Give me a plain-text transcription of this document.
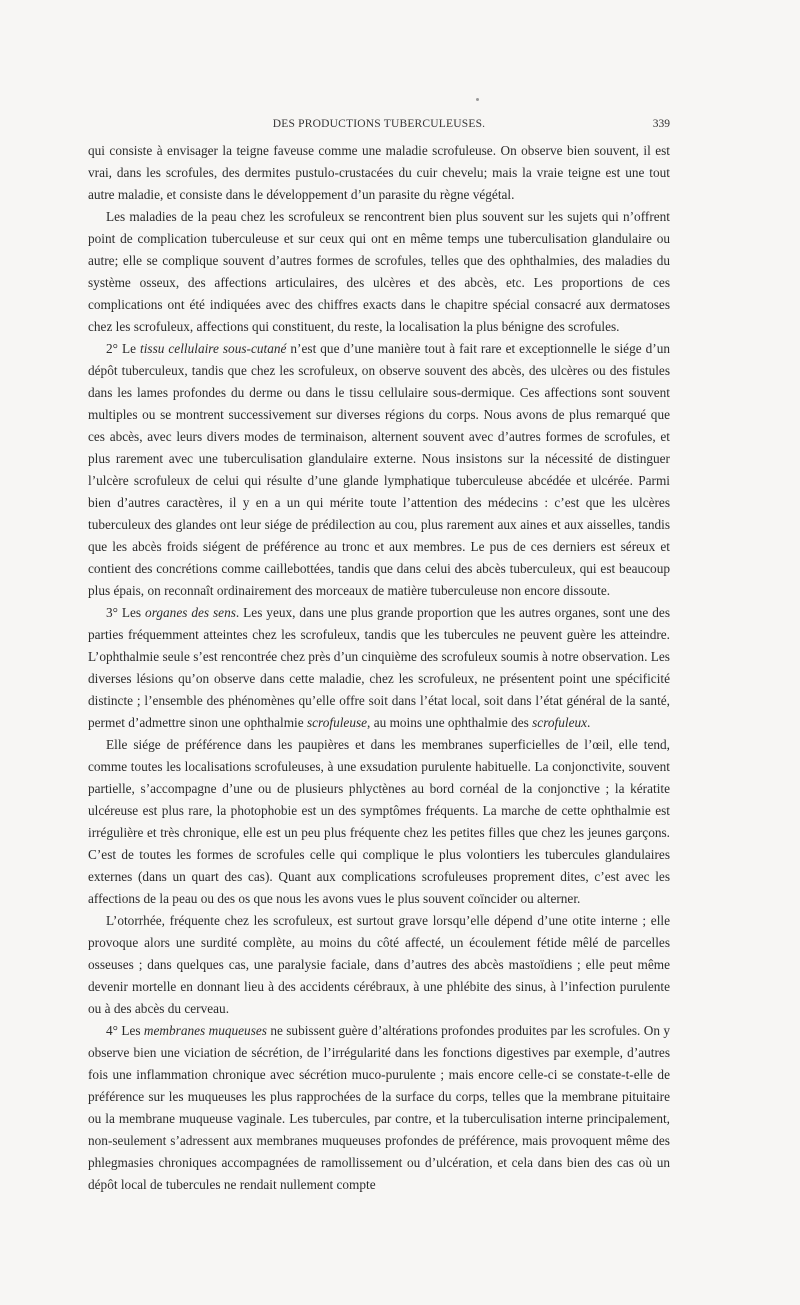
DES PRODUCTIONS TUBERCULEUSES.	339

qui consiste à envisager la teigne faveuse comme une maladie scrofuleuse. On observe bien souvent, il est vrai, dans les scrofules, des dermites pustulo-crustacées du cuir chevelu; mais la vraie teigne est une tout autre maladie, et consiste dans le développement d’un parasite du règne végétal.

Les maladies de la peau chez les scrofuleux se rencontrent bien plus souvent sur les sujets qui n’offrent point de complication tuberculeuse et sur ceux qui ont en même temps une tuberculisation glandulaire ou autre; elle se complique souvent d’autres formes de scrofules, telles que des ophthalmies, des maladies du système osseux, des affections articulaires, des ulcères et des abcès, etc. Les proportions de ces complications ont été indiquées avec des chiffres exacts dans le chapitre spécial consacré aux dermatoses chez les scrofuleux, affections qui constituent, du reste, la localisation la plus bénigne des scrofules.

2° Le tissu cellulaire sous-cutané n’est que d’une manière tout à fait rare et exceptionnelle le siége d’un dépôt tuberculeux, tandis que chez les scrofuleux, on observe souvent des abcès, des ulcères ou des fistules dans les lames profondes du derme ou dans le tissu cellulaire sous-dermique. Ces affections sont souvent multiples ou se montrent successivement sur diverses régions du corps. Nous avons de plus remarqué que ces abcès, avec leurs divers modes de terminaison, alternent souvent avec d’autres formes de scrofules, et plus rarement avec une tuberculisation glandulaire externe. Nous insistons sur la nécessité de distinguer l’ulcère scrofuleux de celui qui résulte d’une glande lymphatique tuberculeuse abcédée et ulcérée. Parmi bien d’autres caractères, il y en a un qui mérite toute l’attention des médecins : c’est que les ulcères tuberculeux des glandes ont leur siége de prédilection au cou, plus rarement aux aines et aux aisselles, tandis que les abcès froids siégent de préférence au tronc et aux membres. Le pus de ces derniers est séreux et contient des concrétions comme caillebottées, tandis que dans celui des abcès tuberculeux, qui est beaucoup plus épais, on reconnaît ordinairement des morceaux de matière tuberculeuse non encore dissoute.

3° Les organes des sens. Les yeux, dans une plus grande proportion que les autres organes, sont une des parties fréquemment atteintes chez les scrofuleux, tandis que les tubercules ne peuvent guère les atteindre. L’ophthalmie seule s’est rencontrée chez près d’un cinquième des scrofuleux soumis à notre observation. Les diverses lésions qu’on observe dans cette maladie, chez les scrofuleux, ne présentent point une spécificité distincte ; l’ensemble des phénomènes qu’elle offre soit dans l’état local, soit dans l’état général de la santé, permet d’admettre sinon une ophthalmie scrofuleuse, au moins une ophthalmie des scrofuleux.

Elle siége de préférence dans les paupières et dans les membranes superficielles de l’œil, elle tend, comme toutes les localisations scrofuleuses, à une exsudation purulente habituelle. La conjonctivite, souvent partielle, s’accompagne d’une ou de plusieurs phlyctènes au bord cornéal de la conjonctive ; la kératite ulcéreuse est plus rare, la photophobie est un des symptômes fréquents. La marche de cette ophthalmie est irrégulière et très chronique, elle est un peu plus fréquente chez les petites filles que chez les jeunes garçons. C’est de toutes les formes de scrofules celle qui complique le plus volontiers les tubercules glandulaires externes (dans un quart des cas). Quant aux complications scrofuleuses proprement dites, c’est avec les affections de la peau ou des os que nous les avons vues le plus souvent coïncider ou alterner.

L’otorrhée, fréquente chez les scrofuleux, est surtout grave lorsqu’elle dépend d’une otite interne ; elle provoque alors une surdité complète, au moins du côté affecté, un écoulement fétide mêlé de parcelles osseuses ; dans quelques cas, une paralysie faciale, dans d’autres des abcès mastoïdiens ; elle peut même devenir mortelle en donnant lieu à des accidents cérébraux, à une phlébite des sinus, à l’infection purulente ou à des abcès du cerveau.

4° Les membranes muqueuses ne subissent guère d’altérations profondes produites par les scrofules. On y observe bien une viciation de sécrétion, de l’irrégularité dans les fonctions digestives par exemple, d’autres fois une inflammation chronique avec sécrétion muco-purulente ; mais encore celle-ci se constate-t-elle de préférence sur les muqueuses les plus rapprochées de la surface du corps, telles que la membrane pituitaire ou la membrane muqueuse vaginale. Les tubercules, par contre, et la tuberculisation interne principalement, non-seulement s’adressent aux membranes muqueuses profondes de préférence, mais provoquent même des phlegmasies chroniques accompagnées de ramollissement ou d’ulcération, et cela dans bien des cas où un dépôt local de tubercules ne rendait nullement compte
